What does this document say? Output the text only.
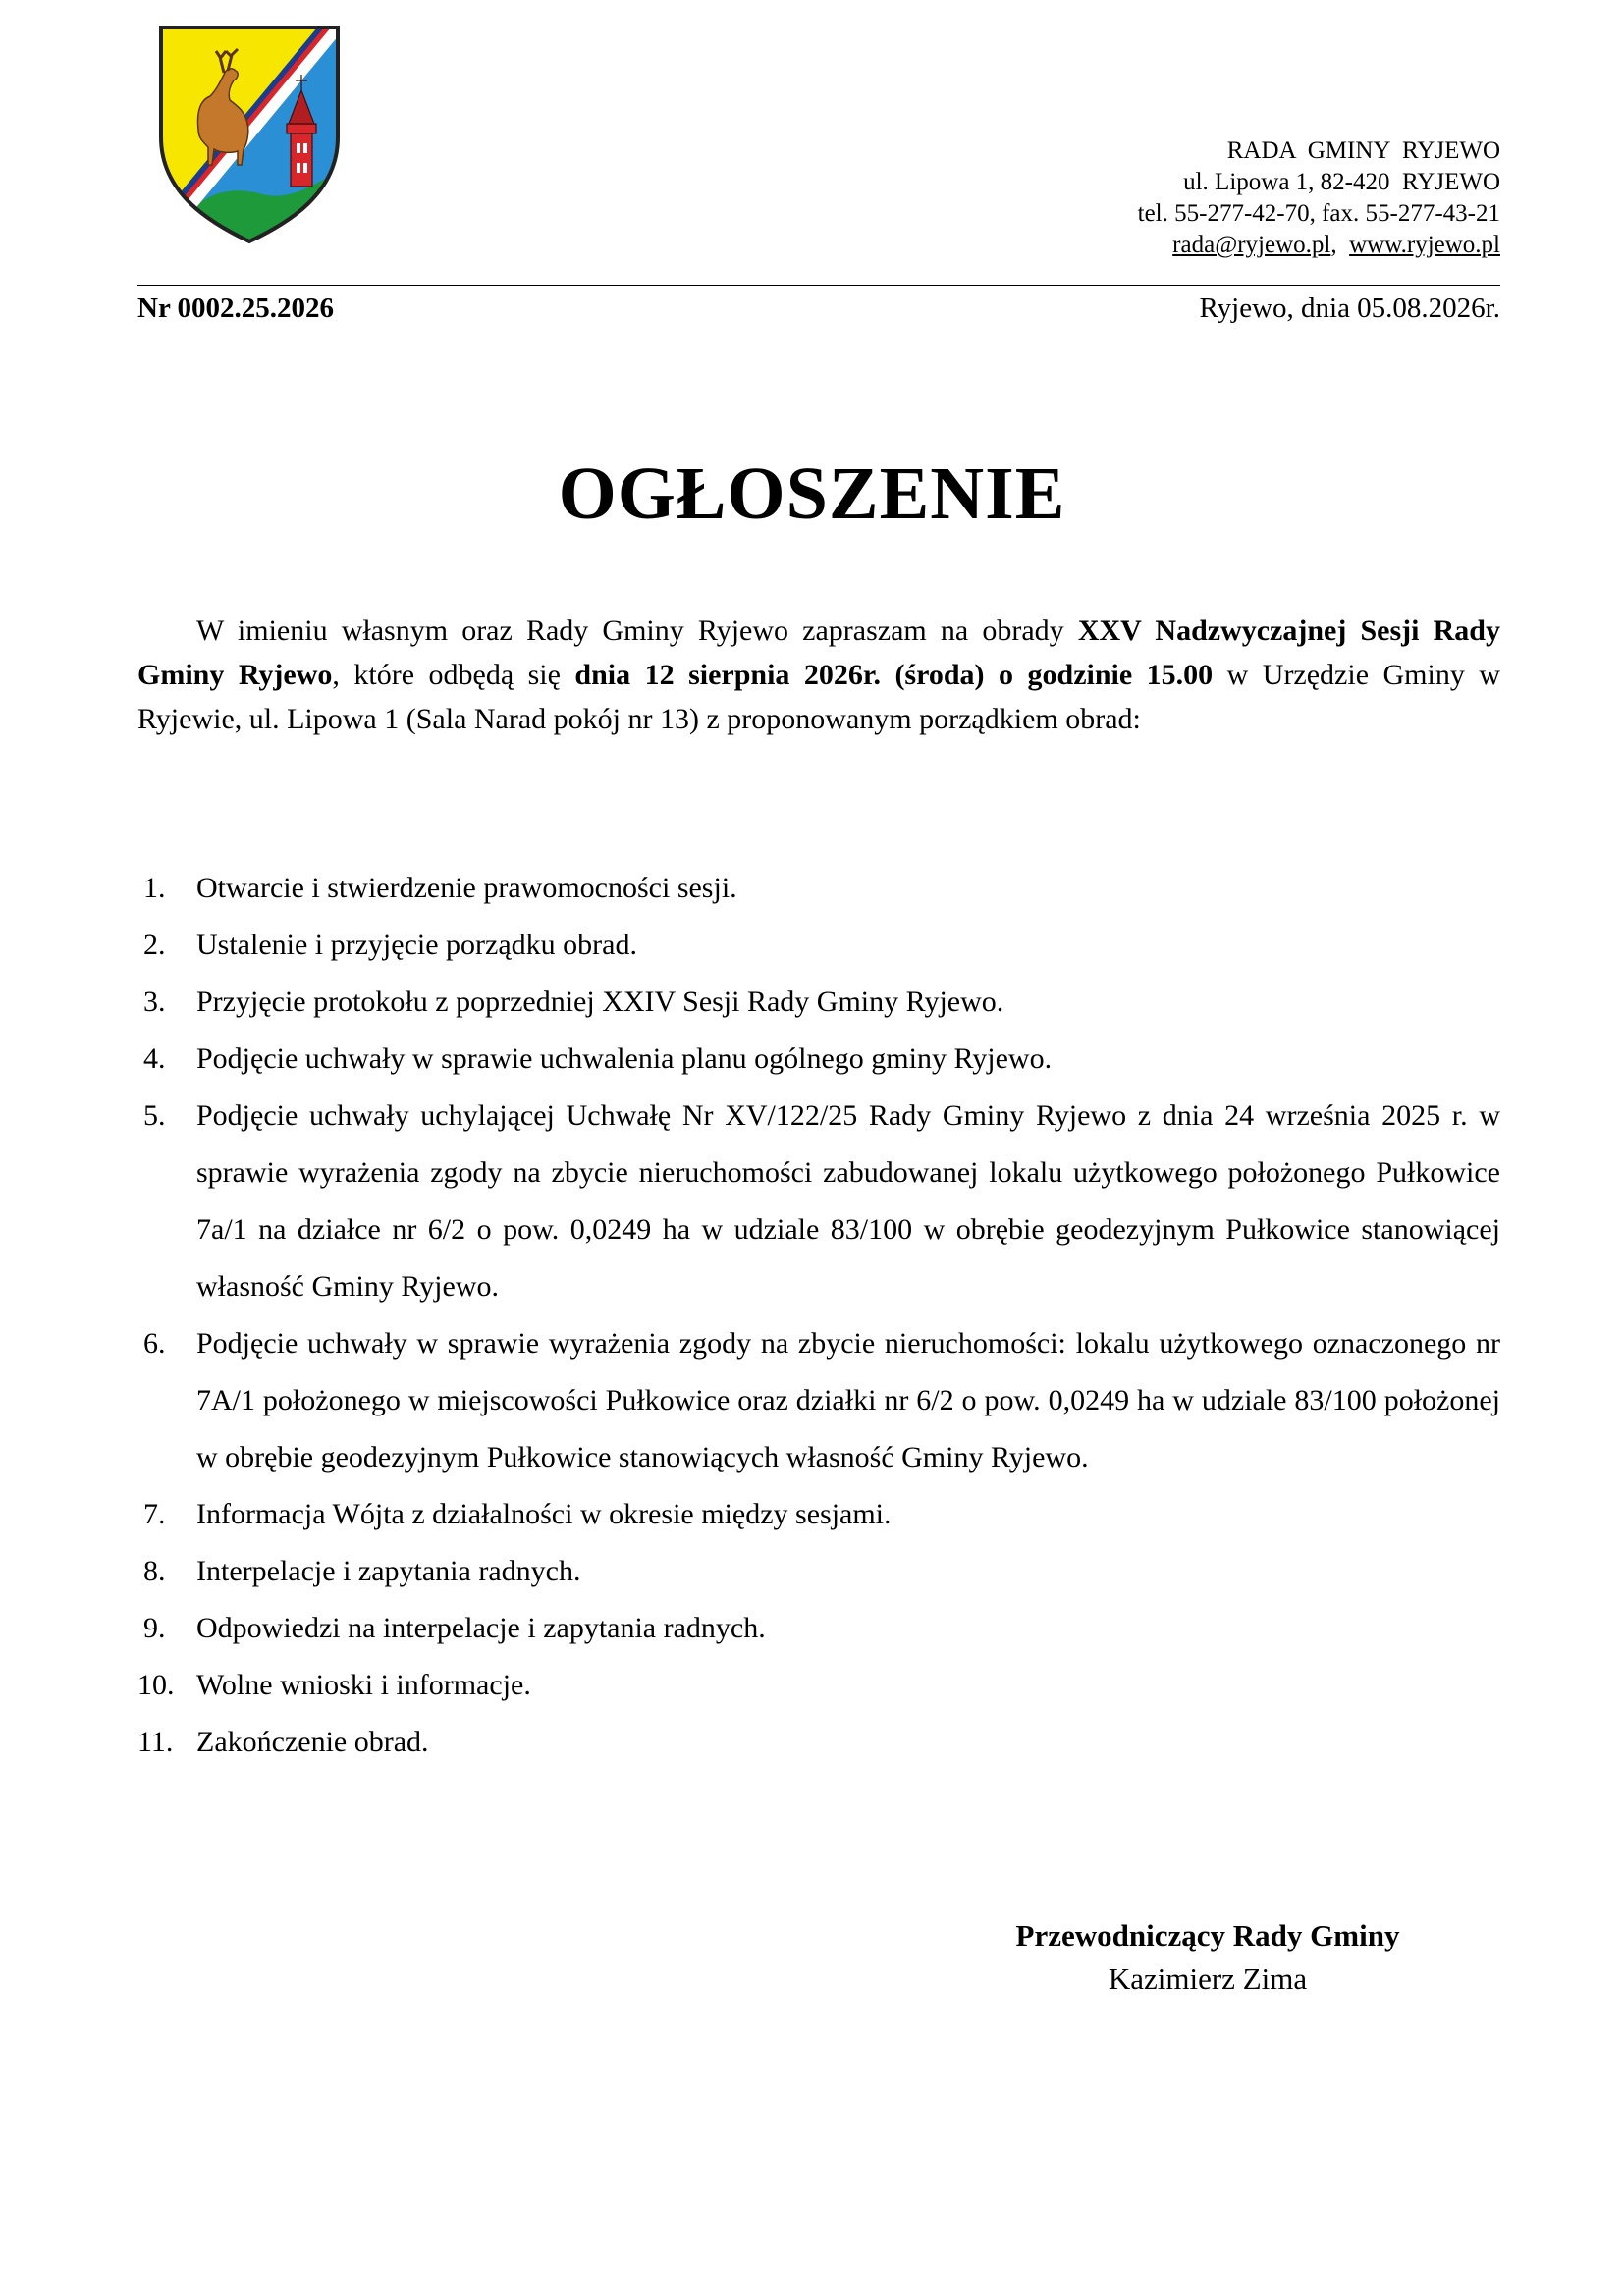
RADA  GMINY  RYJEWO
ul. Lipowa 1, 82-420  RYJEWO
tel. 55-277-42-70, fax. 55-277-43-21
rada@ryjewo.pl, www.ryjewo.pl
Nr 0002.25.2026	Ryjewo, dnia 05.08.2026r.
OGŁOSZENIE

W imieniu własnym oraz Rady Gminy Ryjewo zapraszam na obrady XXV Nadzwyczajnej Sesji Rady Gminy Ryjewo, które odbędą się dnia 12 sierpnia 2026r. (środa) o godzinie 15.00 w Urzędzie Gminy w Ryjewie, ul. Lipowa 1 (Sala Narad pokój nr 13) z proponowanym porządkiem obrad:

1. Otwarcie i stwierdzenie prawomocności sesji.
2. Ustalenie i przyjęcie porządku obrad.
3. Przyjęcie protokołu z poprzedniej XXIV Sesji Rady Gminy Ryjewo.
4. Podjęcie uchwały w sprawie uchwalenia planu ogólnego gminy Ryjewo.
5. Podjęcie uchwały uchylającej Uchwałę Nr XV/122/25 Rady Gminy Ryjewo z dnia 24 września 2025 r. w sprawie wyrażenia zgody na zbycie nieruchomości zabudowanej lokalu użytkowego położonego Pułkowice 7a/1 na działce nr 6/2 o pow. 0,0249 ha w udziale 83/100 w obrębie geodezyjnym Pułkowice stanowiącej własność Gminy Ryjewo.
6. Podjęcie uchwały w sprawie wyrażenia zgody na zbycie nieruchomości: lokalu użytkowego oznaczonego nr 7A/1 położonego w miejscowości Pułkowice oraz działki nr 6/2 o pow. 0,0249 ha w udziale 83/100 położonej w obrębie geodezyjnym Pułkowice stanowiących własność Gminy Ryjewo.
7. Informacja Wójta z działalności w okresie między sesjami.
8. Interpelacje i zapytania radnych.
9. Odpowiedzi na interpelacje i zapytania radnych.
10. Wolne wnioski i informacje.
11. Zakończenie obrad.
Przewodniczący Rady Gminy
Kazimierz Zima
